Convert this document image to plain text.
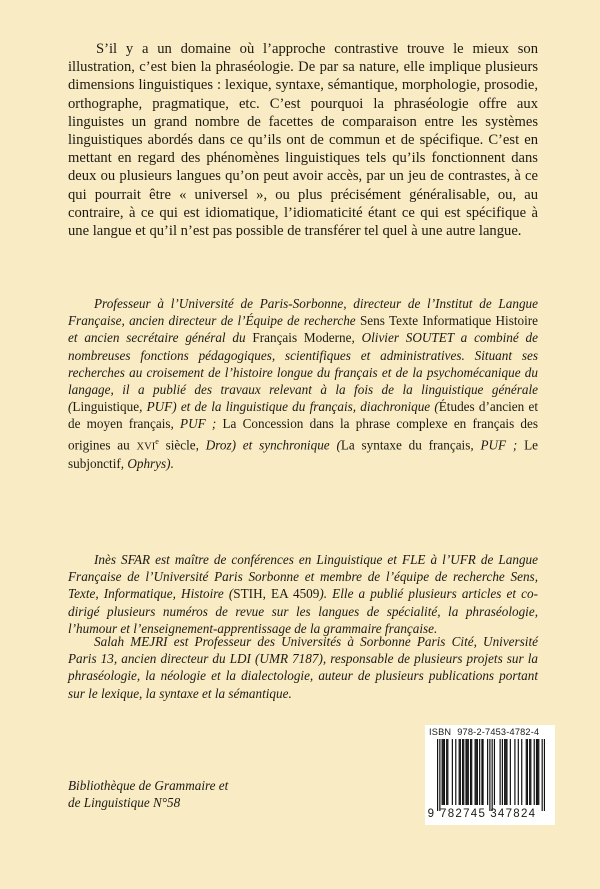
S’il y a un domaine où l’approche contrastive trouve le mieux son illustration, c’est bien la phraséologie. De par sa nature, elle implique plusieurs dimensions linguistiques : lexique, syntaxe, sémantique, morphologie, prosodie, orthographe, pragmatique, etc. C’est pourquoi la phraséologie offre aux linguistes un grand nombre de facettes de comparaison entre les systèmes linguistiques abordés dans ce qu’ils ont de commun et de spécifique. C’est en mettant en regard des phénomènes linguistiques tels qu’ils fonctionnent dans deux ou plusieurs langues qu’on peut avoir accès, par un jeu de contrastes, à ce qui pourrait être « universel », ou plus précisément généralisable, ou, au contraire, à ce qui est idiomatique, l’idiomaticité étant ce qui est spécifique à une langue et qu’il n’est pas possible de transférer tel quel à une autre langue.

Professeur à l’Université de Paris-Sorbonne, directeur de l’Institut de Langue Française, ancien directeur de l’Équipe de recherche Sens Texte Informatique Histoire et ancien secrétaire général du Français Moderne, Olivier SOUTET a combiné de nombreuses fonctions pédagogiques, scientifiques et administratives. Situant ses recherches au croisement de l’histoire longue du français et de la psychomécanique du langage, il a publié des travaux relevant à la fois de la linguistique générale (Linguistique, PUF) et de la linguistique du français, diachronique (Études d’ancien et de moyen français, PUF ; La Concession dans la phrase complexe en français des origines au XVIe siècle, Droz) et synchronique (La syntaxe du français, PUF ; Le subjonctif, Ophrys).

Inès SFAR est maître de conférences en Linguistique et FLE à l’UFR de Langue Française de l’Université Paris Sorbonne et membre de l’équipe de recherche Sens, Texte, Informatique, Histoire (STIH, EA 4509). Elle a publié plusieurs articles et co-dirigé plusieurs numéros de revue sur les langues de spécialité, la phraséologie, l’humour et l’enseignement-apprentissage de la grammaire française.

Salah MEJRI est Professeur des Universités à Sorbonne Paris Cité, Université Paris 13, ancien directeur du LDI (UMR 7187), responsable de plusieurs projets sur la phraséologie, la néologie et la dialectologie, auteur de plusieurs publications portant sur le lexique, la syntaxe et la sémantique.

Bibliothèque de Grammaire et
de Linguistique N°58
ISBN 978-2-7453-4782-4
9 782745 347824
